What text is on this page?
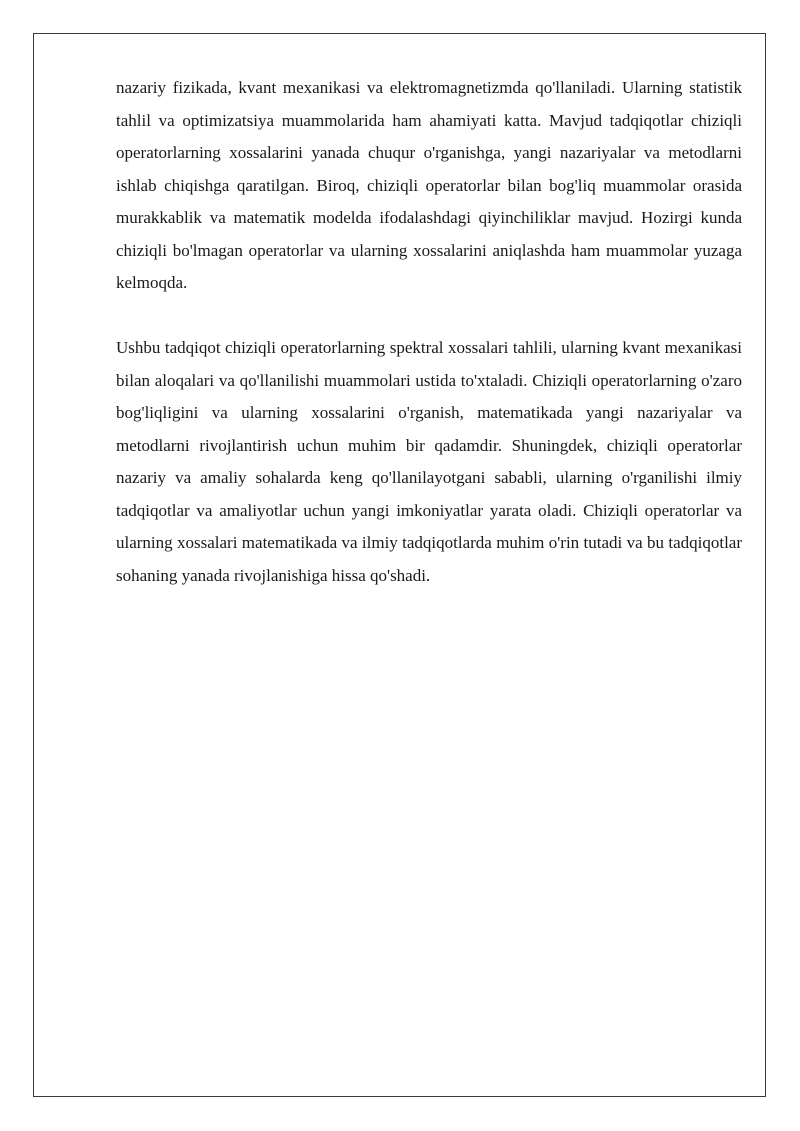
nazariy fizikada, kvant mexanikasi va elektromagnetizmda qo'llaniladi. Ularning statistik tahlil va optimizatsiya muammolarida ham ahamiyati katta. Mavjud tadqiqotlar chiziqli operatorlarning xossalarini yanada chuqur o'rganishga, yangi nazariyalar va metodlarni ishlab chiqishga qaratilgan. Biroq, chiziqli operatorlar bilan bog'liq muammolar orasida murakkablik va matematik modelda ifodalashdagi qiyinchiliklar mavjud. Hozirgi kunda chiziqli bo'lmagan operatorlar va ularning xossalarini aniqlashda ham muammolar yuzaga kelmoqda.

Ushbu tadqiqot chiziqli operatorlarning spektral xossalari tahlili, ularning kvant mexanikasi bilan aloqalari va qo'llanilishi muammolari ustida to'xtaladi. Chiziqli operatorlarning o'zaro bog'liqligini va ularning xossalarini o'rganish, matematikada yangi nazariyalar va metodlarni rivojlantirish uchun muhim bir qadamdir. Shuningdek, chiziqli operatorlar nazariy va amaliy sohalarda keng qo'llanilayotgani sababli, ularning o'rganilishi ilmiy tadqiqotlar va amaliyotlar uchun yangi imkoniyatlar yarata oladi. Chiziqli operatorlar va ularning xossalari matematikada va ilmiy tadqiqotlarda muhim o'rin tutadi va bu tadqiqotlar sohaning yanada rivojlanishiga hissa qo'shadi.
